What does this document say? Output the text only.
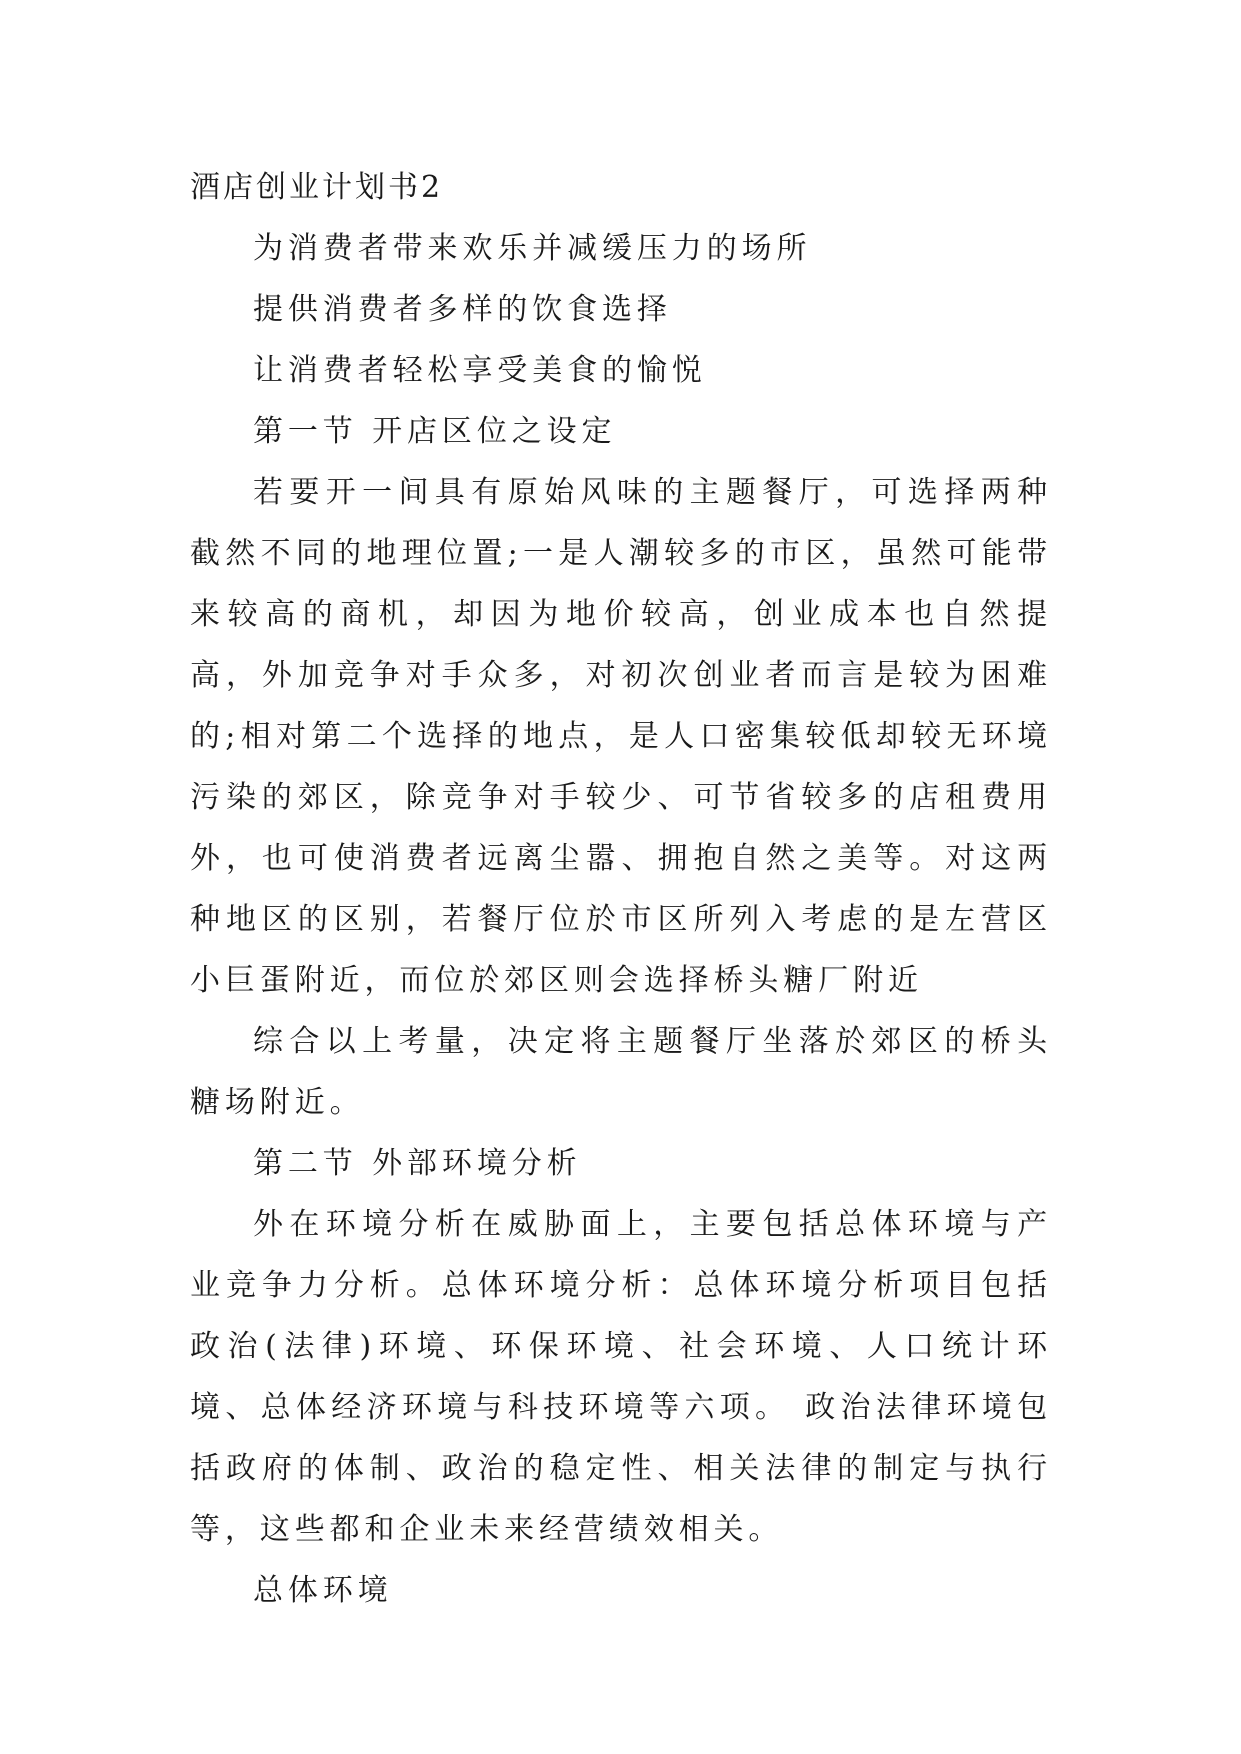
酒店创业计划书2

为消费者带来欢乐并减缓压力的场所

提供消费者多样的饮食选择

让消费者轻松享受美食的愉悦

第一节 开店区位之设定

若要开一间具有原始风味的主题餐厅，可选择两种截然不同的地理位置;一是人潮较多的市区，虽然可能带来较高的商机，却因为地价较高，创业成本也自然提高，外加竞争对手众多，对初次创业者而言是较为困难的;相对第二个选择的地点，是人口密集较低却较无环境污染的郊区，除竞争对手较少、可节省较多的店租费用外，也可使消费者远离尘嚣、拥抱自然之美等。对这两种地区的区别，若餐厅位於市区所列入考虑的是左营区小巨蛋附近，而位於郊区则会选择桥头糖厂附近

综合以上考量，决定将主题餐厅坐落於郊区的桥头糖场附近。

第二节 外部环境分析

外在环境分析在威胁面上，主要包括总体环境与产业竞争力分析。总体环境分析：总体环境分析项目包括政治(法律)环境、环保环境、社会环境、人口统计环境、总体经济环境与科技环境等六项。 政治法律环境包括政府的体制、政治的稳定性、相关法律的制定与执行等，这些都和企业未来经营绩效相关。

总体环境
